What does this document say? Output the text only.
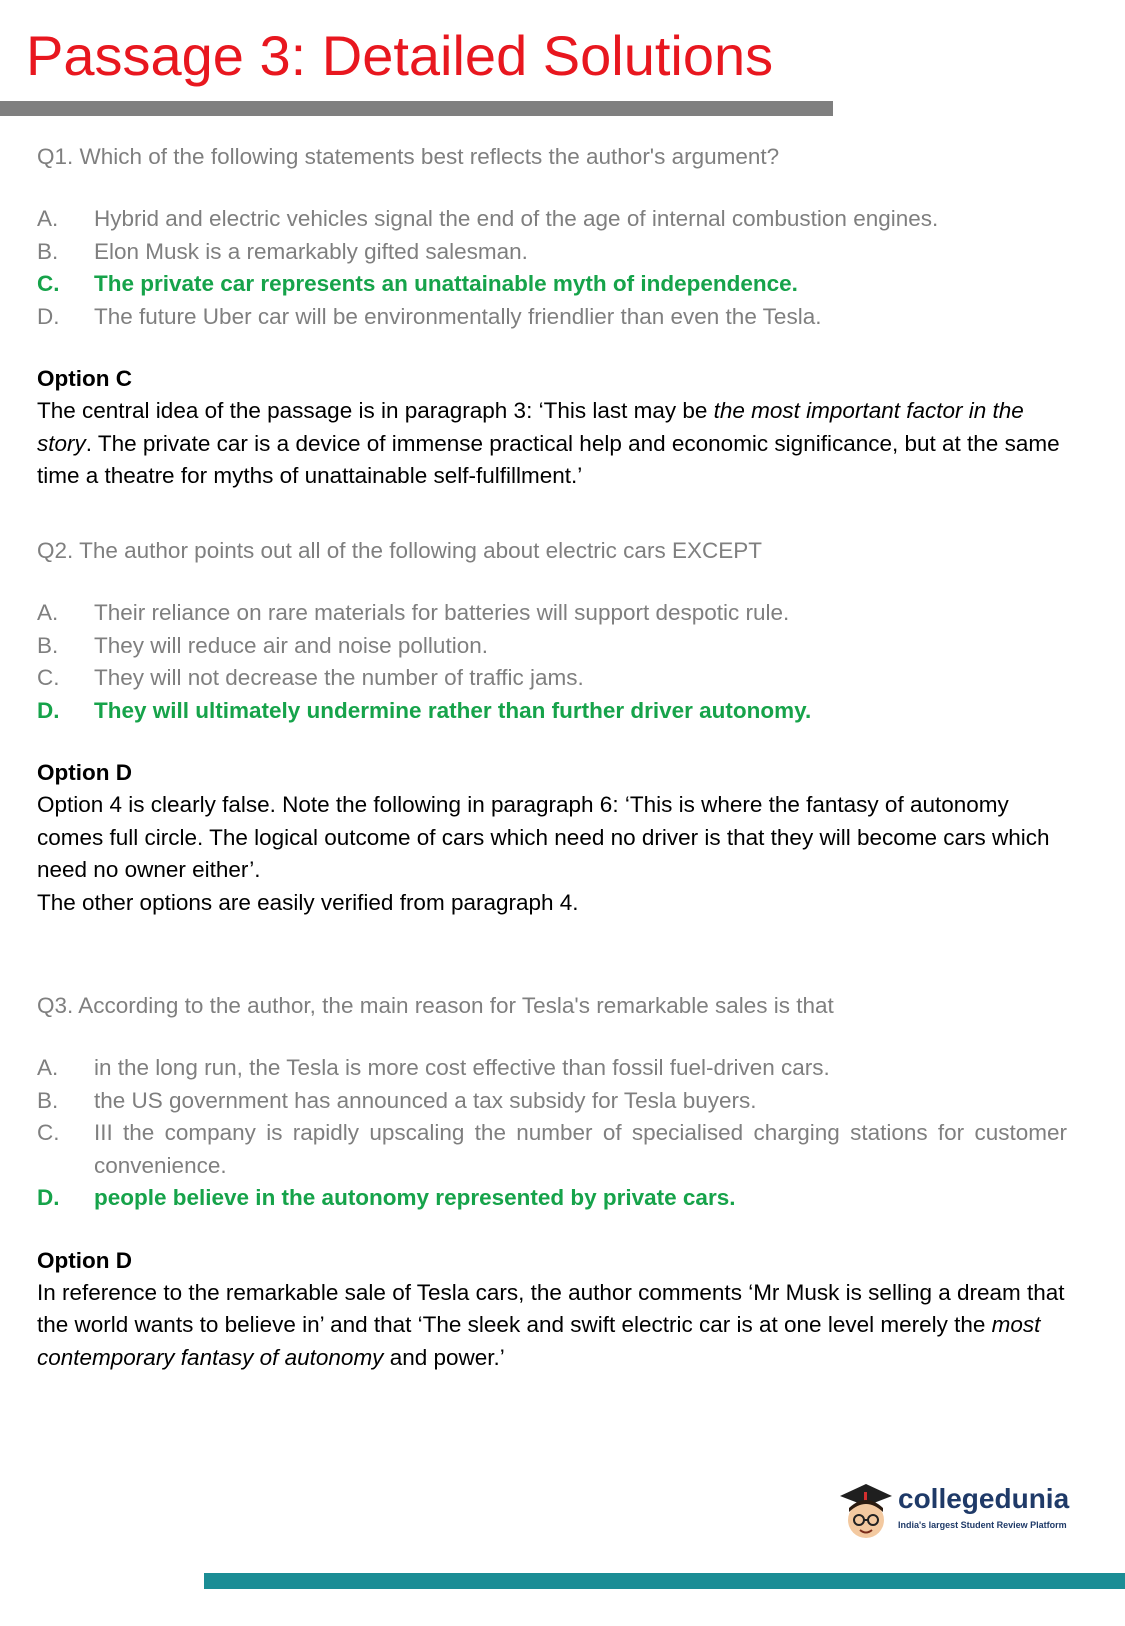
Passage 3: Detailed Solutions

Q1. Which of the following statements best reflects the author's argument?

A.	Hybrid and electric vehicles signal the end of the age of internal combustion engines.
B.	Elon Musk is a remarkably gifted salesman.
C.	The private car represents an unattainable myth of independence.
D.	The future Uber car will be environmentally friendlier than even the Tesla.

Option C

The central idea of the passage is in paragraph 3: ‘This last may be the most important factor in the story. The private car is a device of immense practical help and economic significance, but at the same time a theatre for myths of unattainable self-fulfillment.’

Q2. The author points out all of the following about electric cars EXCEPT

A.	Their reliance on rare materials for batteries will support despotic rule.
B.	They will reduce air and noise pollution.
C.	They will not decrease the number of traffic jams.
D.	They will ultimately undermine rather than further driver autonomy.

Option D

Option 4 is clearly false. Note the following in paragraph 6: ‘This is where the fantasy of autonomy comes full circle. The logical outcome of cars which need no driver is that they will become cars which need no owner either’.

The other options are easily verified from paragraph 4.

Q3. According to the author, the main reason for Tesla's remarkable sales is that

A.	in the long run, the Tesla is more cost effective than fossil fuel-driven cars.
B.	the US government has announced a tax subsidy for Tesla buyers.
C.	III the company is rapidly upscaling the number of specialised charging stations for customer convenience.
D.	people believe in the autonomy represented by private cars.

Option D

In reference to the remarkable sale of Tesla cars, the author comments ‘Mr Musk is selling a dream that the world wants to believe in’ and that ‘The sleek and swift electric car is at one level merely the most contemporary fantasy of autonomy and power.’

collegedunia
India's largest Student Review Platform
